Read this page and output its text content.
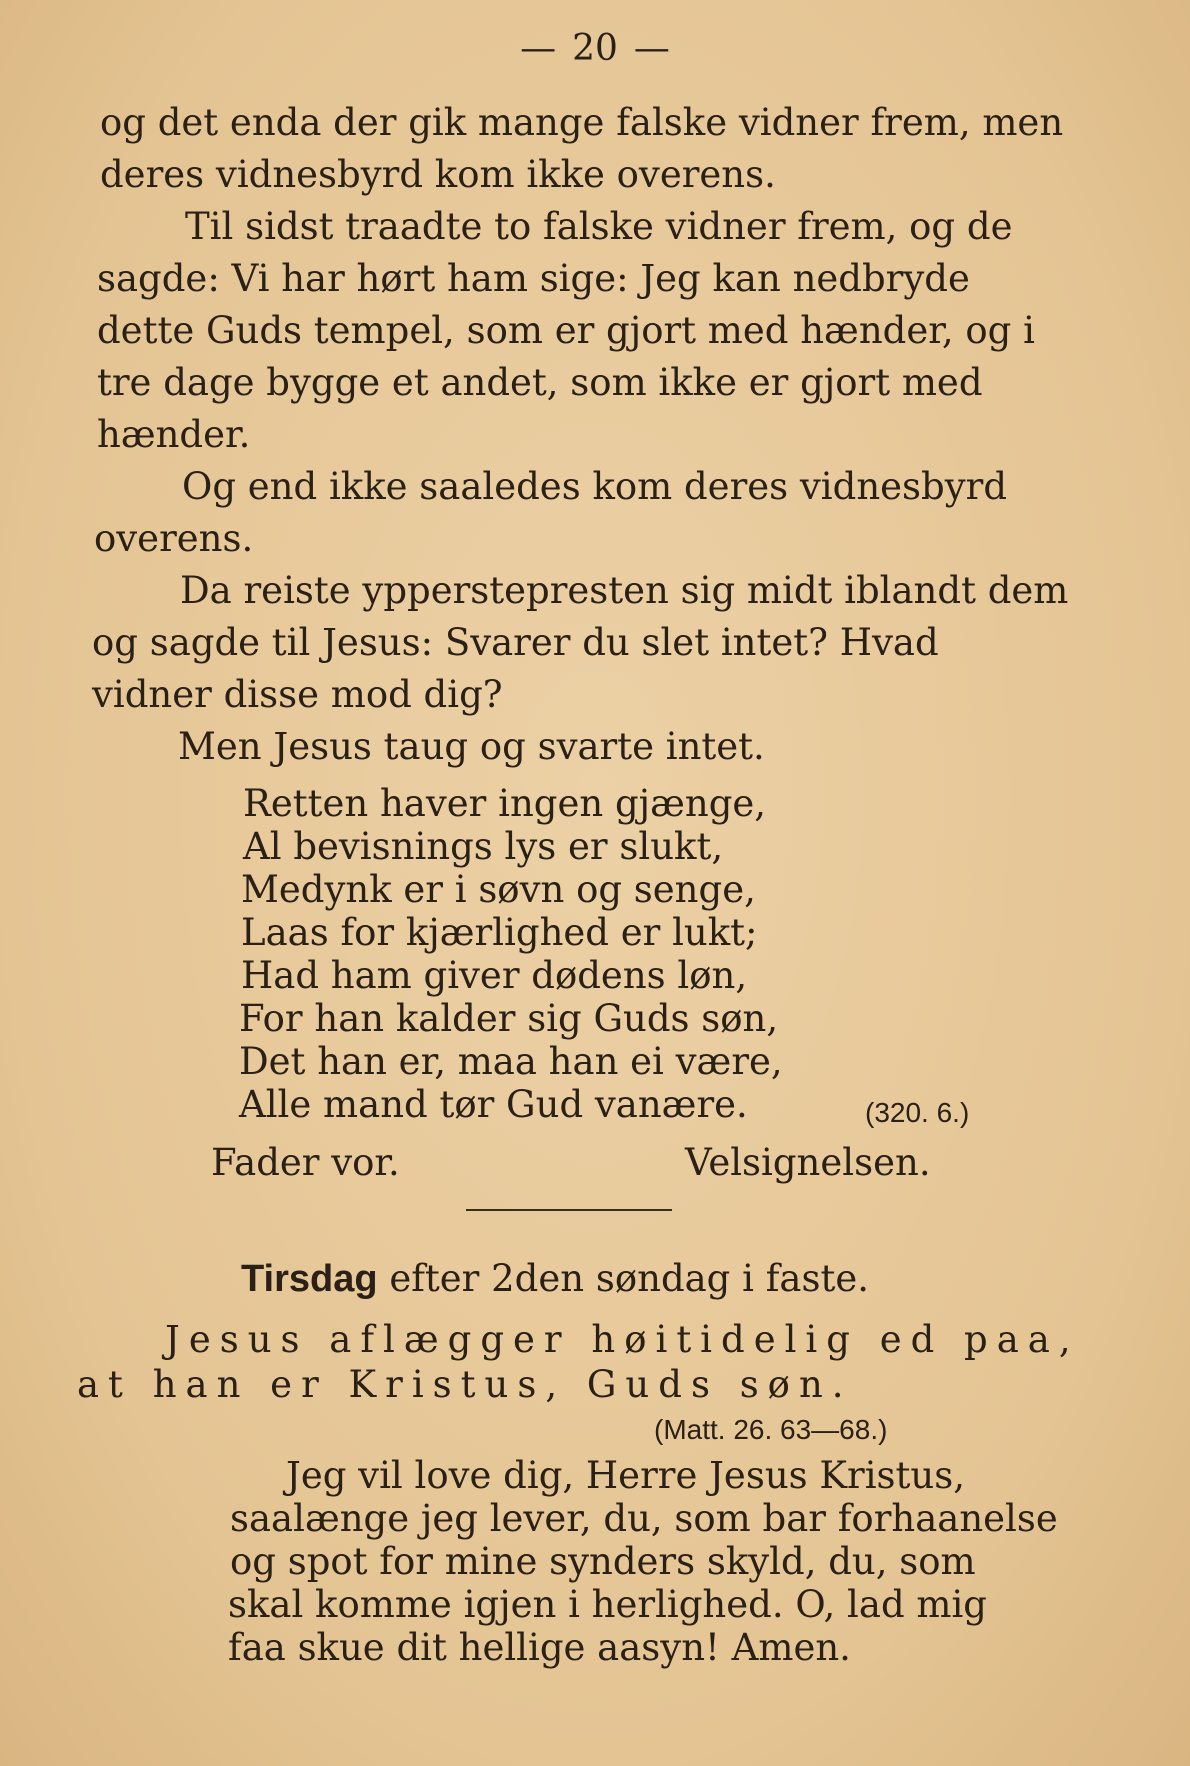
— 20 —
og det enda der gik mange falske vidner frem, men
deres vidnesbyrd kom ikke overens.
Til sidst traadte to falske vidner frem, og de
sagde: Vi har hørt ham sige: Jeg kan nedbryde
dette Guds tempel, som er gjort med hænder, og i
tre dage bygge et andet, som ikke er gjort med
hænder.
Og end ikke saaledes kom deres vidnesbyrd
overens.
Da reiste ypperstepresten sig midt iblandt dem
og sagde til Jesus: Svarer du slet intet? Hvad
vidner disse mod dig?
Men Jesus taug og svarte intet.
Retten haver ingen gjænge,
Al bevisnings lys er slukt,
Medynk er i søvn og senge,
Laas for kjærlighed er lukt;
Had ham giver dødens løn,
For han kalder sig Guds søn,
Det han er, maa han ei være,
Alle mand tør Gud vanære.	(320. 6.)
Fader vor.	Velsignelsen.
Tirsdag efter 2den søndag i faste.
Jesus aflægger høitidelig ed paa,
at han er Kristus, Guds søn.
(Matt. 26. 63—68.)
Jeg vil love dig, Herre Jesus Kristus,
saalænge jeg lever, du, som bar forhaanelse
og spot for mine synders skyld, du, som
skal komme igjen i herlighed. O, lad mig
faa skue dit hellige aasyn! Amen.
